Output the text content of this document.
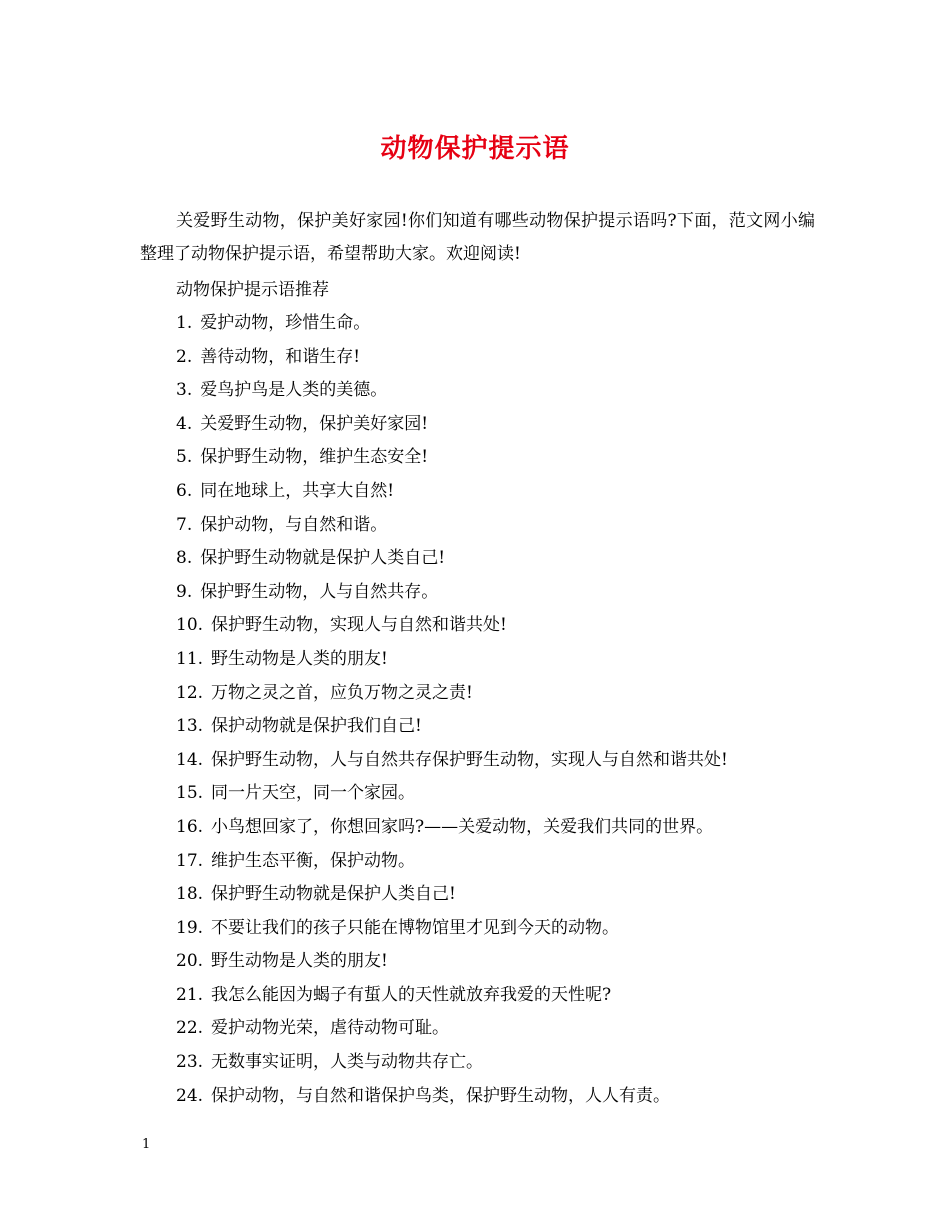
动物保护提示语
关爱野生动物，保护美好家园!你们知道有哪些动物保护提示语吗?下面，范文网小编整理了动物保护提示语，希望帮助大家。欢迎阅读!
动物保护提示语推荐
1. 爱护动物，珍惜生命。
2. 善待动物，和谐生存!
3. 爱鸟护鸟是人类的美德。
4. 关爱野生动物，保护美好家园!
5. 保护野生动物，维护生态安全!
6. 同在地球上，共享大自然!
7. 保护动物，与自然和谐。
8. 保护野生动物就是保护人类自己!
9. 保护野生动物，人与自然共存。
10. 保护野生动物，实现人与自然和谐共处!
11. 野生动物是人类的朋友!
12. 万物之灵之首，应负万物之灵之责!
13. 保护动物就是保护我们自己!
14. 保护野生动物，人与自然共存保护野生动物，实现人与自然和谐共处!
15. 同一片天空，同一个家园。
16. 小鸟想回家了，你想回家吗?——关爱动物，关爱我们共同的世界。
17. 维护生态平衡，保护动物。
18. 保护野生动物就是保护人类自己!
19. 不要让我们的孩子只能在博物馆里才见到今天的动物。
20. 野生动物是人类的朋友!
21. 我怎么能因为蝎子有蜇人的天性就放弃我爱的天性呢?
22. 爱护动物光荣，虐待动物可耻。
23. 无数事实证明，人类与动物共存亡。
24. 保护动物，与自然和谐保护鸟类，保护野生动物，人人有责。
1
